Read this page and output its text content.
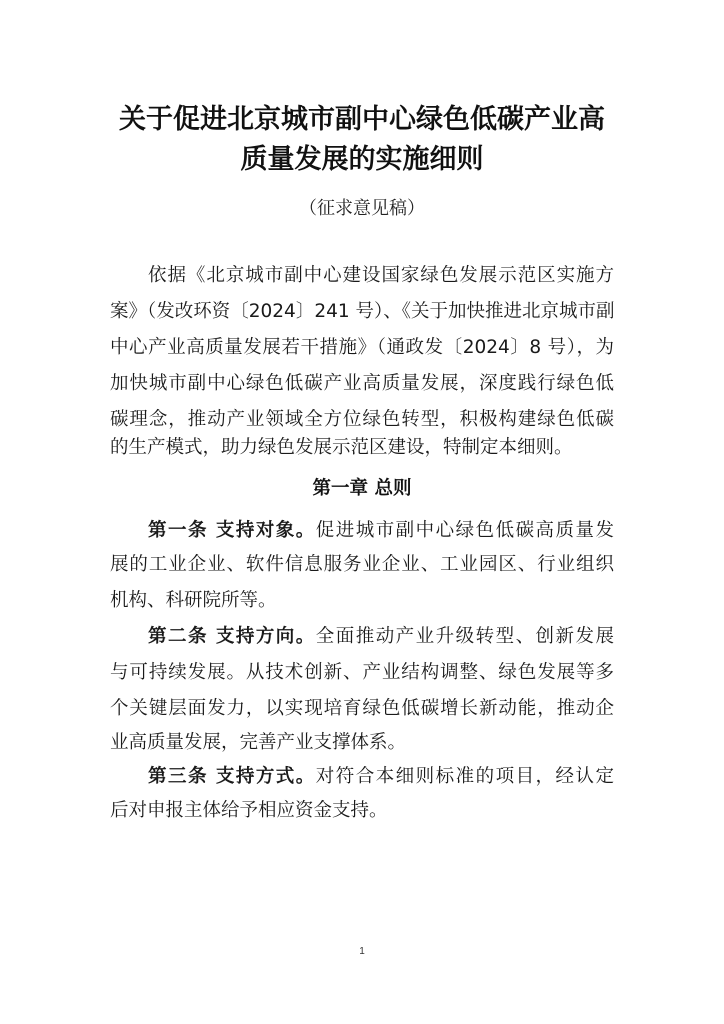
关于促进北京城市副中心绿色低碳产业高
质量发展的实施细则
（征求意见稿）
依据《北京城市副中心建设国家绿色发展示范区实施方
案》（发改环资〔2024〕241 号）、《关于加快推进北京城市副
中心产业高质量发展若干措施》（通政发〔2024〕8 号），为
加快城市副中心绿色低碳产业高质量发展，深度践行绿色低
碳理念，推动产业领域全方位绿色转型，积极构建绿色低碳
的生产模式，助力绿色发展示范区建设，特制定本细则。
第一章 总则
第一条 支持对象。促进城市副中心绿色低碳高质量发
展的工业企业、软件信息服务业企业、工业园区、行业组织
机构、科研院所等。
第二条 支持方向。全面推动产业升级转型、创新发展
与可持续发展。从技术创新、产业结构调整、绿色发展等多
个关键层面发力，以实现培育绿色低碳增长新动能，推动企
业高质量发展，完善产业支撑体系。
第三条 支持方式。对符合本细则标准的项目，经认定
后对申报主体给予相应资金支持。
1
